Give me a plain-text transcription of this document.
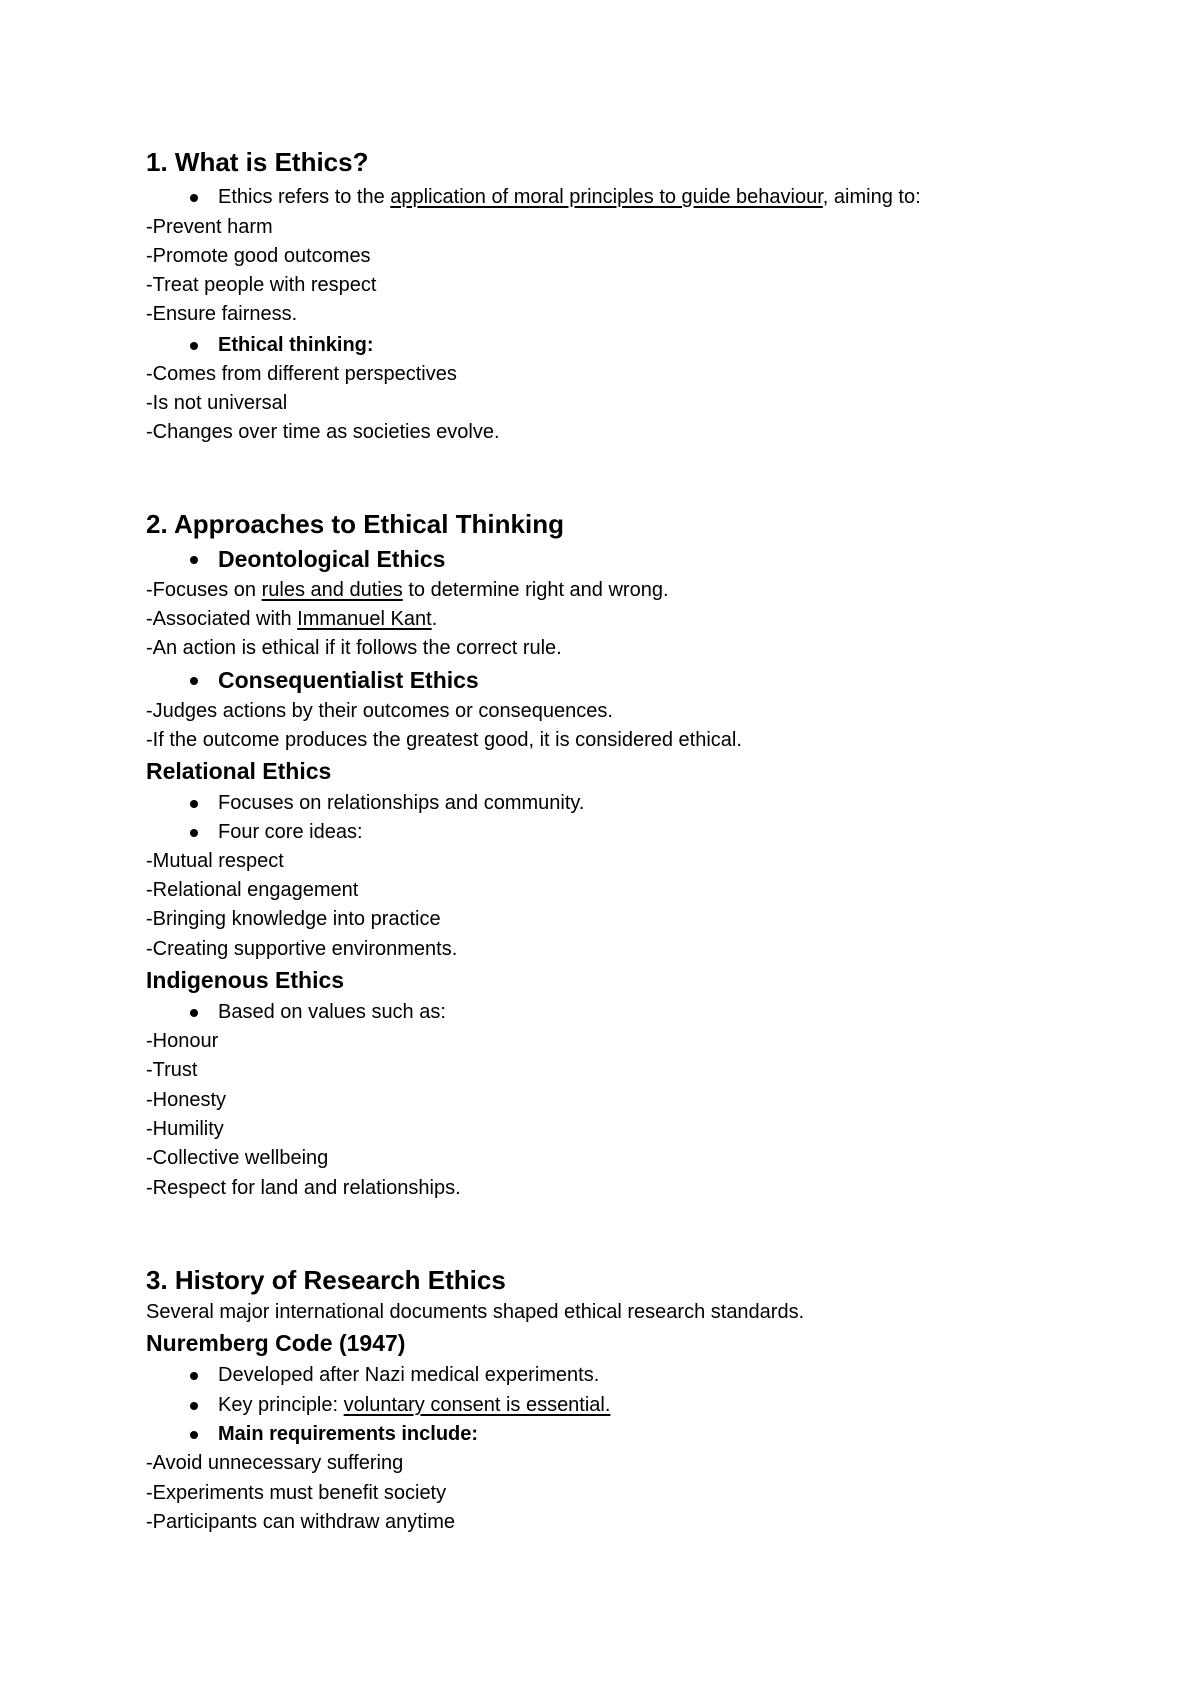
1. What is Ethics?
Ethics refers to the application of moral principles to guide behaviour, aiming to:
-Prevent harm
-Promote good outcomes
-Treat people with respect
-Ensure fairness.
Ethical thinking:
-Comes from different perspectives
-Is not universal
-Changes over time as societies evolve.
2. Approaches to Ethical Thinking
Deontological Ethics
-Focuses on rules and duties to determine right and wrong.
-Associated with Immanuel Kant.
-An action is ethical if it follows the correct rule.
Consequentialist Ethics
-Judges actions by their outcomes or consequences.
-If the outcome produces the greatest good, it is considered ethical.
Relational Ethics
Focuses on relationships and community.
Four core ideas:
-Mutual respect
-Relational engagement
-Bringing knowledge into practice
-Creating supportive environments.
Indigenous Ethics
Based on values such as:
-Honour
-Trust
-Honesty
-Humility
-Collective wellbeing
-Respect for land and relationships.
3. History of Research Ethics
Several major international documents shaped ethical research standards.
Nuremberg Code (1947)
Developed after Nazi medical experiments.
Key principle: voluntary consent is essential.
Main requirements include:
-Avoid unnecessary suffering
-Experiments must benefit society
-Participants can withdraw anytime
